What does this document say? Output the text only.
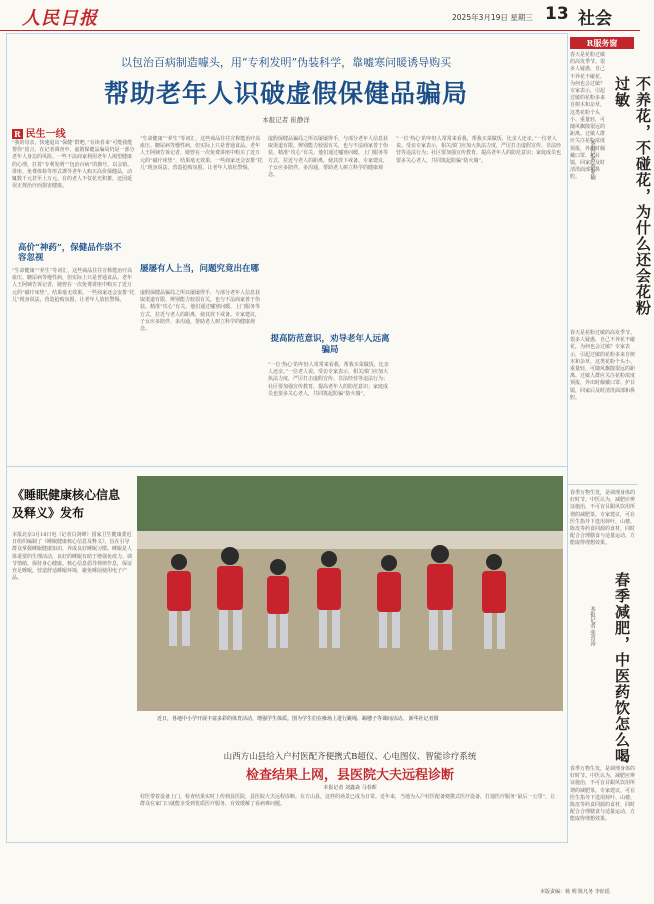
人民日报	2025年3月19日 星期三 13 社会
以包治百病制造噱头，用“专利发明”伪装科学，靠嘘寒问暖诱导购买
帮助老年人识破虚假保健品骗局
本报记者 崔静洋
R 民生一线
“我的母亲，快速退出“保健”群吧。”有读者来“可能我能帮你”留言。在记者调查中，虚假保健品骗局仍是一部分老年人身边的风险。一些不法商家利用老年人渴望健康的心理，打着“专利发明”“包治百病”的旗号，以会销、讲座、免费体检等形式诱导老年人购买高价保健品，动辄数千元甚至上万元。有的老人不仅花光积蓄，还因延误正规治疗而损害健康。
高价“神药”，保健品作祟不容忽视
“生命健康”“养生”等词汇，这些商品往往宣称能治疗高血压、糖尿病等慢性病，但实际上只是普通食品。老年人王阿姨告诉记者，她曾在一次免费讲座中购买了近万元的“磁疗床垫”，结果毫无效果。一些商家还会安排“托儿”现身说法，营造抢购氛围，让老年人放松警惕。
“生命健康”“养生”等词汇，这些商品往往宣称能治疗高血压、糖尿病等慢性病，但实际上只是普通食品。老年人王阿姨告诉记者，她曾在一次免费讲座中购买了近万元的“磁疗床垫”，结果毫无效果。一些商家还会安排“托儿”现身说法，营造抢购氛围，让老年人放松警惕。
屡屡有人上当，问题究竟出在哪
虚假保健品骗局之所以屡屡得手，与部分老年人信息获取渠道有限、辨别能力较弱有关，也与不法商家善于伪装、精准“攻心”有关。他们通过嘘寒问暖、上门服务等方式，拉近与老人的距离，使其放下戒备。专家建议，子女应多陪伴、多沟通，帮助老人树立科学的健康观念。
虚假保健品骗局之所以屡屡得手，与部分老年人信息获取渠道有限、辨别能力较弱有关，也与不法商家善于伪装、精准“攻心”有关。他们通过嘘寒问暖、上门服务等方式，拉近与老人的距离，使其放下戒备。专家建议，子女应多陪伴、多沟通，帮助老人树立科学的健康观念。
提高防范意识，劝导老年人远离骗局
“一位‘热心’的年轻人常常来看我，帮我买菜做饭，比亲人还亲。”一位老人说。受访专家表示，相关部门应加大执法力度，严厉打击虚假宣传、非法经营等违法行为；社区要加强宣传教育，提高老年人的防范意识；家庭成员也要多关心老人，共同筑起防骗“防火墙”。
“一位‘热心’的年轻人常常来看我，帮我买菜做饭，比亲人还亲。”一位老人说。受访专家表示，相关部门应加大执法力度，严厉打击虚假宣传、非法经营等违法行为；社区要加强宣传教育，提高老年人的防范意识；家庭成员也要多关心老人，共同筑起防骗“防火墙”。
《睡眠健康核心信息及释义》发布
本报北京3月18日电（记者白剑峰）国家卫生健康委近日组织编制了《睡眠健康核心信息及释义》，旨在引导群众掌握睡眠健康知识，养成良好睡眠习惯。睡眠是人体重要的生理活动，良好的睡眠有助于增强免疫力、调节情绪、保持身心健康。核心信息倡导规律作息，保证充足睡眠，营造舒适睡眠环境，避免睡前使用电子产品。
近日，各地中小学开展丰富多彩的体育活动，增强学生体质。图为学生们在操场上进行跳绳、踢毽子等课间活动。 新华社记者摄
山西方山县给入户村医配齐便携式B超仪、心电图仪、智能诊疗系统
检查结果上网，县医院大夫远程诊断
本报记者 刘鑫焱 马春晖
村医带着设备上门，检查结果实时上传到县医院，县医院大夫远程诊断。在方山县，这样的场景已成为日常。近年来，当地为入户村医配备便携式医疗设备，打通医疗服务“最后一公里”，让群众在家门口就能享受到优质医疗服务，有效缓解了看病难问题。
R服务窗
不养花，不碰花，为什么还会花粉过敏
本报记者 李亚楠
春天是花粉过敏的高发季节。很多人疑惑，自己不养花不碰花，为何也会过敏？专家表示，引起过敏的花粉多来自树木和杂草，这类花粉个头小、重量轻，可随风飘散很远的距离。过敏人群应关注花粉浓度预报，外出时佩戴口罩、护目镜，回家后及时清洗面部和鼻腔。
春天是花粉过敏的高发季节。很多人疑惑，自己不养花不碰花，为何也会过敏？专家表示，引起过敏的花粉多来自树木和杂草，这类花粉个头小、重量轻，可随风飘散很远的距离。过敏人群应关注花粉浓度预报，外出时佩戴口罩、护目镜，回家后及时清洗面部和鼻腔。
春季减肥，中医药饮怎么喝
本报记者 张喜涛
春季万物生发，是调理身体的好时节。中医认为，减肥应辨证施治，不可盲目跟风饮用所谓的减肥茶。专家建议，可在医生指导下选用荷叶、山楂、陈皮等药食同源的食材，同时配合合理膳食与适量运动，方能取得理想效果。
春季万物生发，是调理身体的好时节。中医认为，减肥应辨证施治，不可盲目跟风饮用所谓的减肥茶。专家建议，可在医生指导下选用荷叶、山楂、陈皮等药食同源的食材，同时配合合理膳食与适量运动，方能取得理想效果。
本版责编：杨 明 陈凡务 李征瑶
